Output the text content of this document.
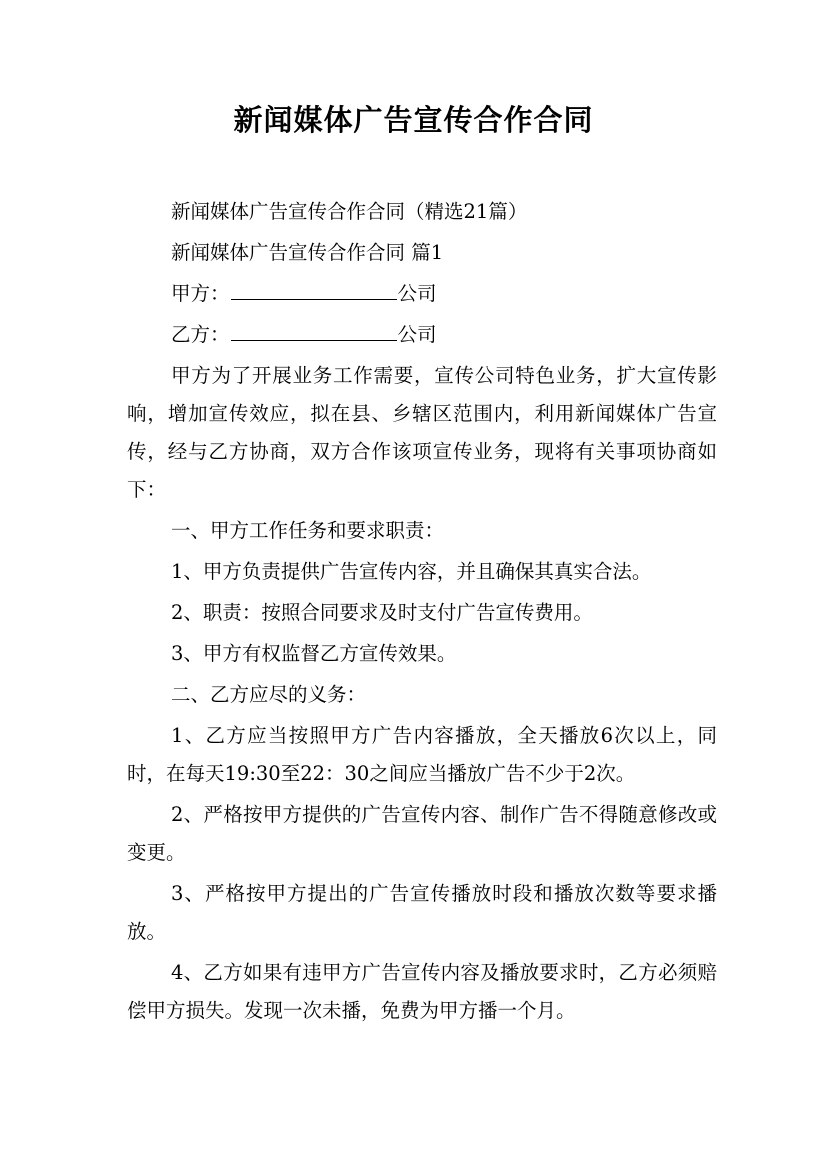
新闻媒体广告宣传合作合同

新闻媒体广告宣传合作合同（精选21篇）

新闻媒体广告宣传合作合同 篇1

甲方：	公司

乙方：	公司

甲方为了开展业务工作需要，宣传公司特色业务，扩大宣传影响，增加宣传效应，拟在县、乡辖区范围内，利用新闻媒体广告宣传，经与乙方协商，双方合作该项宣传业务，现将有关事项协商如下：

一、甲方工作任务和要求职责：

1、甲方负责提供广告宣传内容，并且确保其真实合法。

2、职责：按照合同要求及时支付广告宣传费用。

3、甲方有权监督乙方宣传效果。

二、乙方应尽的义务：

1、乙方应当按照甲方广告内容播放，全天播放6次以上，同时，在每天19:30至22：30之间应当播放广告不少于2次。

2、严格按甲方提供的广告宣传内容、制作广告不得随意修改或变更。

3、严格按甲方提出的广告宣传播放时段和播放次数等要求播放。

4、乙方如果有违甲方广告宣传内容及播放要求时，乙方必须赔偿甲方损失。发现一次未播，免费为甲方播一个月。
